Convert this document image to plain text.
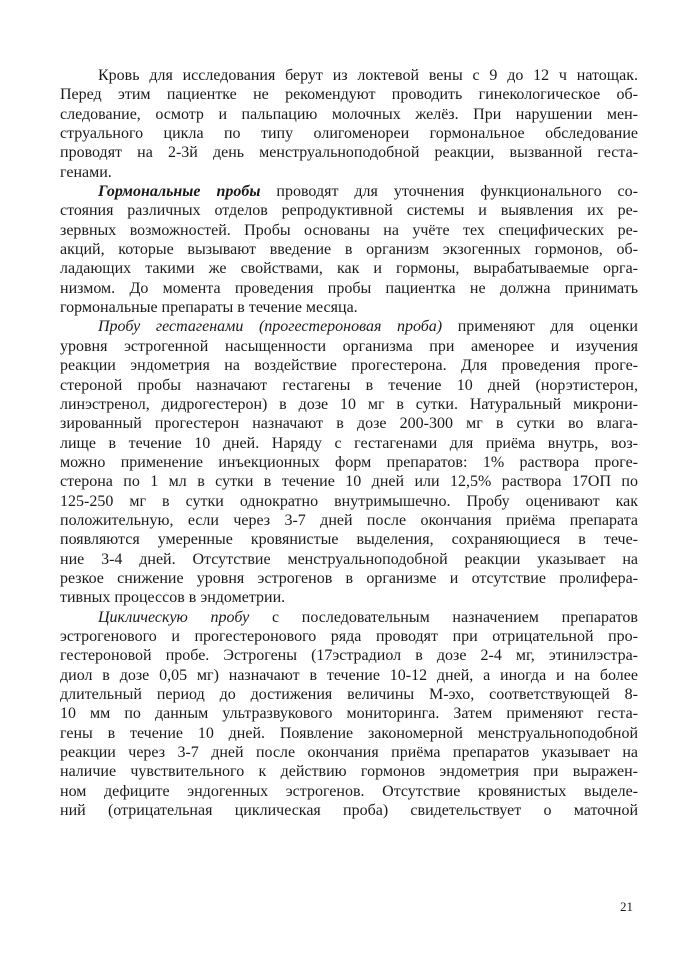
Кровь для исследования берут из локтевой вены с 9 до 12 ч натощак.
Перед этим пациентке не рекомендуют проводить гинекологическое об-
следование, осмотр и пальпацию молочных желёз. При нарушении мен-
струального цикла по типу олигоменореи гормональное обследование
проводят на 2-3й день менструальноподобной реакции, вызванной геста-
генами.
Гормональные пробы проводят для уточнения функционального со-
стояния различных отделов репродуктивной системы и выявления их ре-
зервных возможностей. Пробы основаны на учёте тех специфических ре-
акций, которые вызывают введение в организм экзогенных гормонов, об-
ладающих такими же свойствами, как и гормоны, вырабатываемые орга-
низмом. До момента проведения пробы пациентка не должна принимать
гормональные препараты в течение месяца.
Пробу гестагенами (прогестероновая проба) применяют для оценки
уровня эстрогенной насыщенности организма при аменорее и изучения
реакции эндометрия на воздействие прогестерона. Для проведения проге-
стероной пробы назначают гестагены в течение 10 дней (норэтистерон,
линэстренол, дидрогестерон) в дозе 10 мг в сутки. Натуральный микрони-
зированный прогестерон назначают в дозе 200-300 мг в сутки во влага-
лище в течение 10 дней. Наряду с гестагенами для приёма внутрь, воз-
можно применение инъекционных форм препаратов: 1% раствора проге-
стерона по 1 мл в сутки в течение 10 дней или 12,5% раствора 17ОП по
125-250 мг в сутки однократно внутримышечно. Пробу оценивают как
положительную, если через 3-7 дней после окончания приёма препарата
появляются умеренные кровянистые выделения, сохраняющиеся в тече-
ние 3-4 дней. Отсутствие менструальноподобной реакции указывает на
резкое снижение уровня эстрогенов в организме и отсутствие пролифера-
тивных процессов в эндометрии.
Циклическую пробу с последовательным назначением препаратов
эстрогенового и прогестеронового ряда проводят при отрицательной про-
гестероновой пробе. Эстрогены (17эстрадиол в дозе 2-4 мг, этинилэстра-
диол в дозе 0,05 мг) назначают в течение 10-12 дней, а иногда и на более
длительный период до достижения величины М-эхо, соответствующей 8-
10 мм по данным ультразвукового мониторинга. Затем применяют геста-
гены в течение 10 дней. Появление закономерной менструальноподобной
реакции через 3-7 дней после окончания приёма препаратов указывает на
наличие чувствительного к действию гормонов эндометрия при выражен-
ном дефиците эндогенных эстрогенов. Отсутствие кровянистых выделе-
ний (отрицательная циклическая проба) свидетельствует о маточной
21
